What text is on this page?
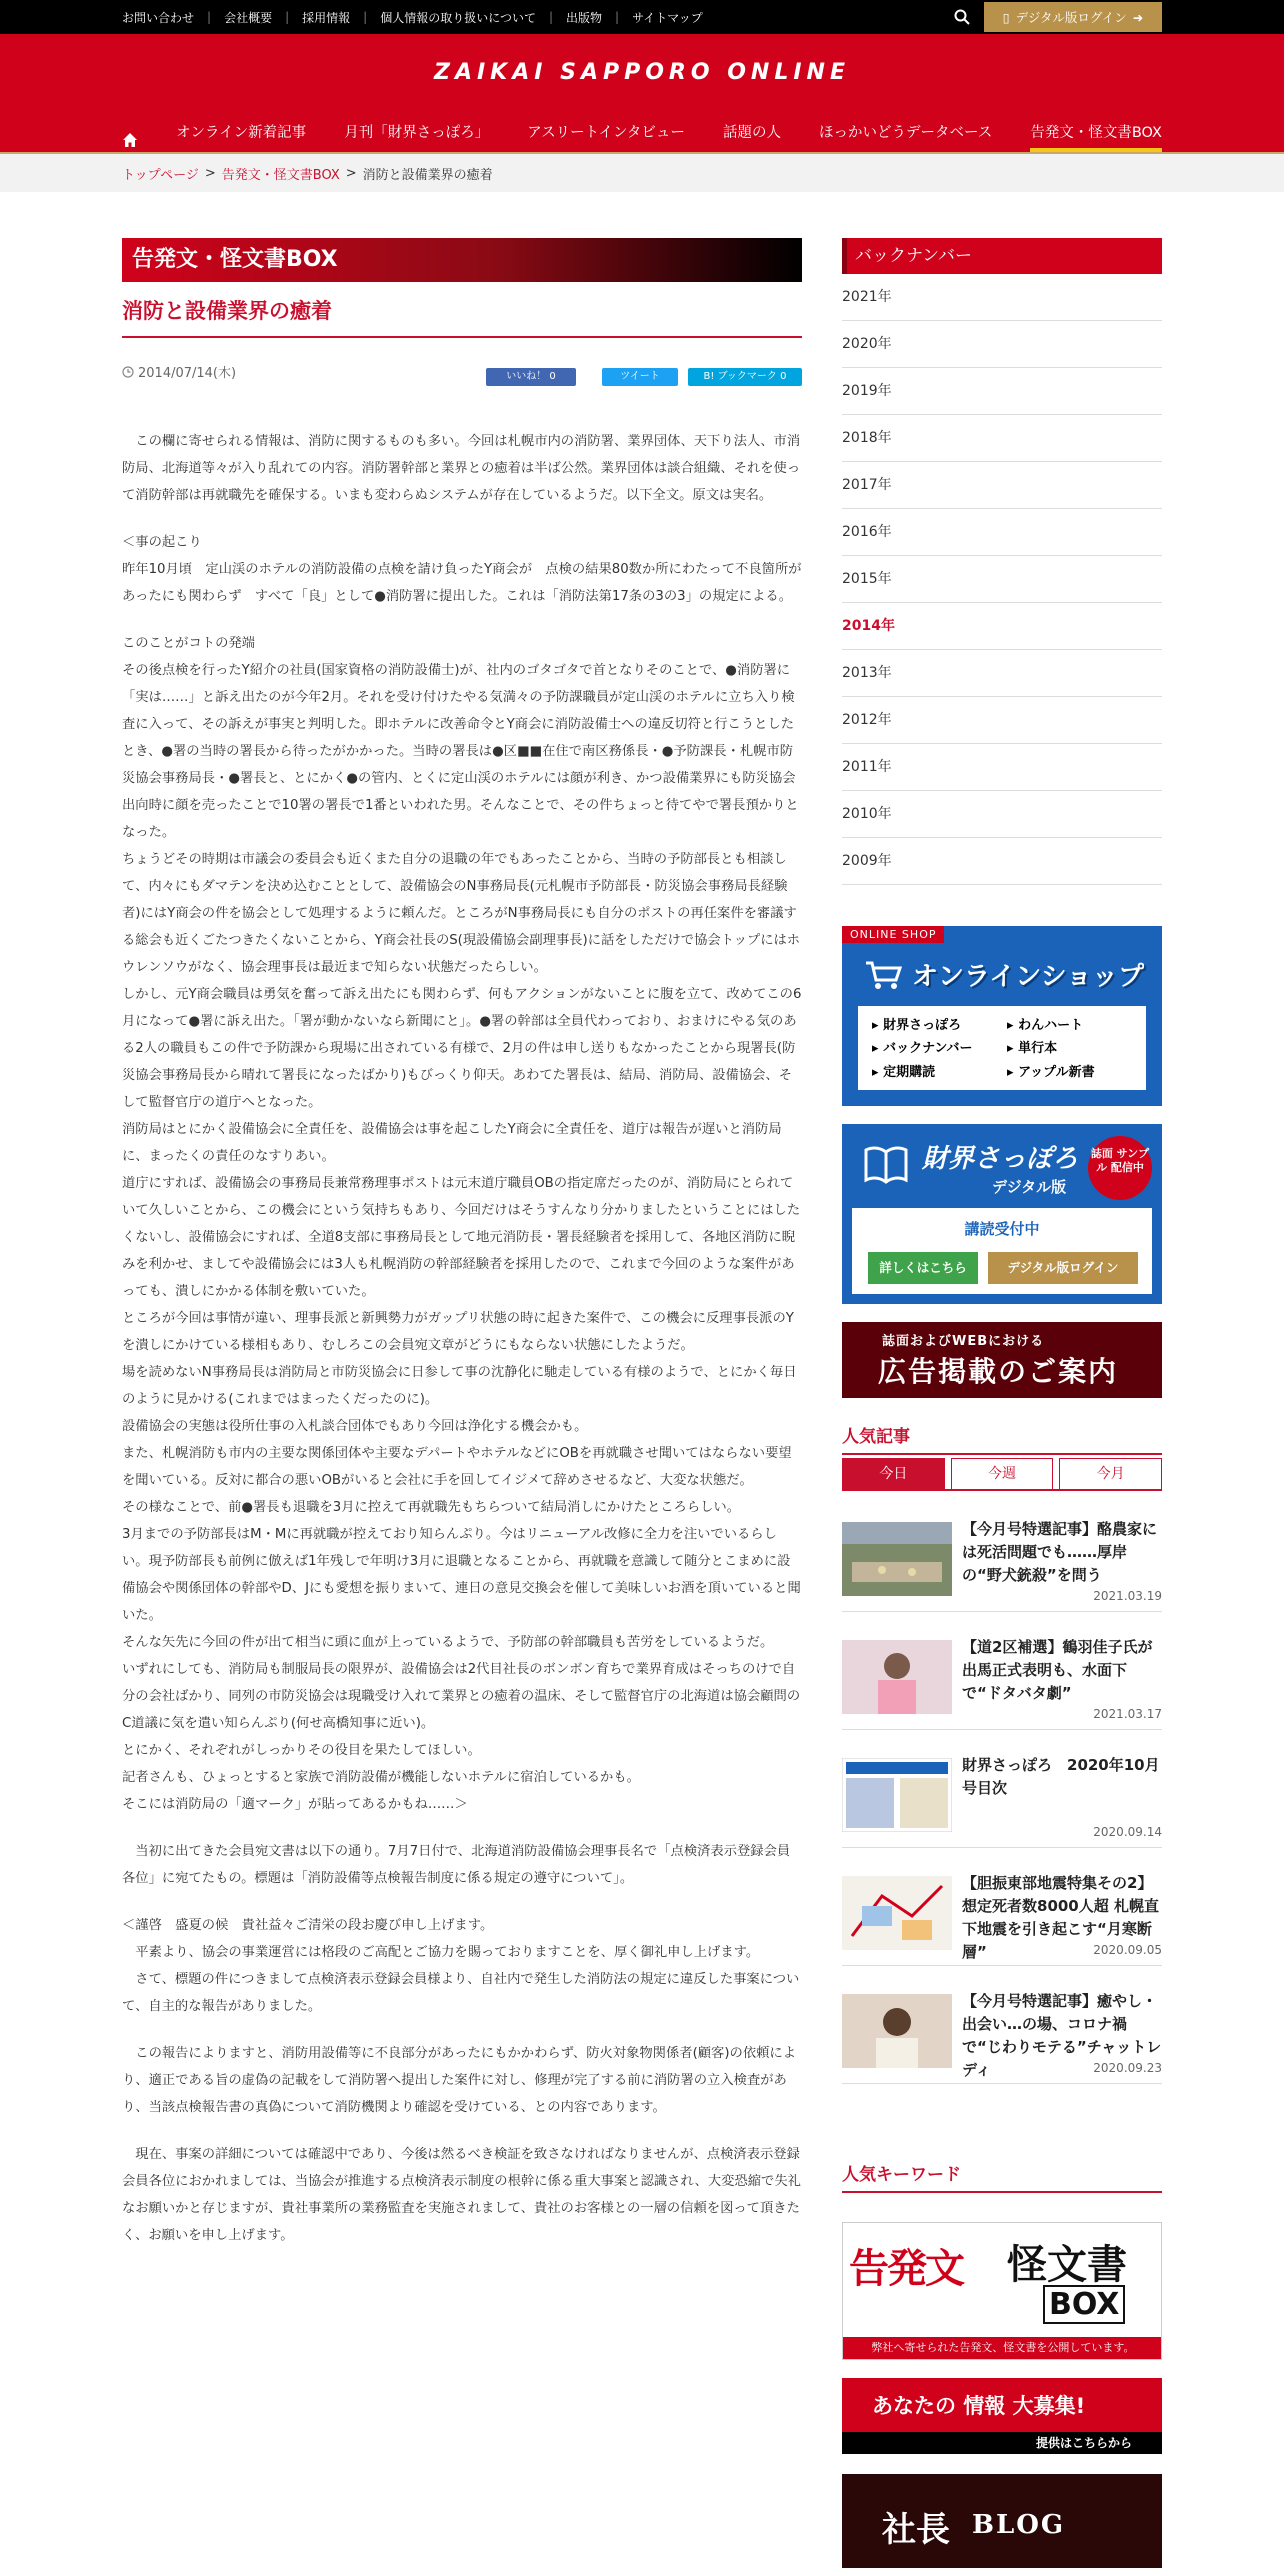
お問い合わせ | 会社概要 | 採用情報 | 個人情報の取り扱いについて | 出版物 | サイトマップ	▯ デジタル版ログイン ➜
ZAIKAI SAPPORO ONLINE
オンライン新着記事	月刊「財界さっぽろ」	アスリートインタビュー	話題の人	ほっかいどうデータベース	告発文・怪文書BOX
トップページ > 告発文・怪文書BOX > 消防と設備業界の癒着
告発文・怪文書BOX
消防と設備業界の癒着
2014/07/14(木)	いいね！ 0	ツイート	B! ブックマーク 0

　この欄に寄せられる情報は、消防に関するものも多い。今回は札幌市内の消防署、業界団体、天下り法人、市消防局、北海道等々が入り乱れての内容。消防署幹部と業界との癒着は半ば公然。業界団体は談合組織、それを使って消防幹部は再就職先を確保する。いまも変わらぬシステムが存在しているようだ。以下全文。原文は実名。

＜事の起こり

昨年10月頃　定山渓のホテルの消防設備の点検を請け負ったY商会が　点検の結果80数か所にわたって不良箇所があったにも関わらず　すべて「良」として●消防署に提出した。これは「消防法第17条の3の3」の規定による。

このことがコトの発端

その後点検を行ったY紹介の社員(国家資格の消防設備士)が、社内のゴタゴタで首となりそのことで、●消防署に「実は……」と訴え出たのが今年2月。それを受け付けたやる気満々の予防課職員が定山渓のホテルに立ち入り検査に入って、その訴えが事実と判明した。即ホテルに改善命令とY商会に消防設備士への違反切符と行こうとしたとき、●署の当時の署長から待ったがかかった。当時の署長は●区■■在住で南区務係長・●予防課長・札幌市防災協会事務局長・●署長と、とにかく●の管内、とくに定山渓のホテルには顔が利き、かつ設備業界にも防災協会出向時に顔を売ったことで10署の署長で1番といわれた男。そんなことで、その件ちょっと待てやで署長預かりとなった。

ちょうどその時期は市議会の委員会も近くまた自分の退職の年でもあったことから、当時の予防部長とも相談して、内々にもダマテンを決め込むこととして、設備協会のN事務局長(元札幌市予防部長・防災協会事務局長経験者)にはY商会の件を協会として処理するように頼んだ。ところがN事務局長にも自分のポストの再任案件を審議する総会も近くごたつきたくないことから、Y商会社長のS(現設備協会副理事長)に話をしただけで協会トップにはホウレンソウがなく、協会理事長は最近まで知らない状態だったらしい。

しかし、元Y商会職員は勇気を奮って訴え出たにも関わらず、何もアクションがないことに腹を立て、改めてこの6月になって●署に訴え出た。「署が動かないなら新聞にと」。●署の幹部は全員代わっており、おまけにやる気のある2人の職員もこの件で予防課から現場に出されている有様で、2月の件は申し送りもなかったことから現署長(防災協会事務局長から晴れて署長になったばかり)もびっくり仰天。あわてた署長は、結局、消防局、設備協会、そして監督官庁の道庁へとなった。

消防局はとにかく設備協会に全責任を、設備協会は事を起こしたY商会に全責任を、道庁は報告が遅いと消防局に、まったくの責任のなすりあい。

道庁にすれば、設備協会の事務局長兼常務理事ポストは元末道庁職員OBの指定席だったのが、消防局にとられていて久しいことから、この機会にという気持ちもあり、今回だけはそうすんなり分かりましたということにはしたくないし、設備協会にすれば、全道8支部に事務局長として地元消防長・署長経験者を採用して、各地区消防に睨みを利かせ、ましてや設備協会には3人も札幌消防の幹部経験者を採用したので、これまで今回のような案件があっても、潰しにかかる体制を敷いていた。

ところが今回は事情が違い、理事長派と新興勢力がガップリ状態の時に起きた案件で、この機会に反理事長派のYを潰しにかけている様相もあり、むしろこの会員宛文章がどうにもならない状態にしたようだ。

場を読めないN事務局長は消防局と市防災協会に日参して事の沈静化に馳走している有様のようで、とにかく毎日のように見かける(これまではまったくだったのに)。

設備協会の実態は役所仕事の入札談合団体でもあり今回は浄化する機会かも。

また、札幌消防も市内の主要な関係団体や主要なデパートやホテルなどにOBを再就職させ聞いてはならない要望を聞いている。反対に都合の悪いOBがいると会社に手を回してイジメて辞めさせるなど、大変な状態だ。

その様なことで、前●署長も退職を3月に控えて再就職先もちらついて結局消しにかけたところらしい。

3月までの予防部長はM・Mに再就職が控えており知らんぷり。今はリニューアル改修に全力を注いでいるらしい。現予防部長も前例に倣えば1年残しで年明け3月に退職となることから、再就職を意識して随分とこまめに設備協会や関係団体の幹部やD、Jにも愛想を振りまいて、連日の意見交換会を催して美味しいお酒を頂いていると聞いた。

そんな矢先に今回の件が出て相当に頭に血が上っているようで、予防部の幹部職員も苦労をしているようだ。

いずれにしても、消防局も制服局長の限界が、設備協会は2代目社長のボンボン育ちで業界育成はそっちのけで自分の会社ばかり、同列の市防災協会は現職受け入れて業界との癒着の温床、そして監督官庁の北海道は協会顧問のC道議に気を遣い知らんぷり(何せ高橋知事に近い)。

とにかく、それぞれがしっかりその役目を果たしてほしい。

記者さんも、ひょっとすると家族で消防設備が機能しないホテルに宿泊しているかも。

そこには消防局の「適マーク」が貼ってあるかもね……＞

　当初に出てきた会員宛文書は以下の通り。7月7日付で、北海道消防設備協会理事長名で「点検済表示登録会員各位」に宛てたもの。標題は「消防設備等点検報告制度に係る規定の遵守について」。

＜謹啓　盛夏の候　貴社益々ご清栄の段お慶び申し上げます。

　平素より、協会の事業運営には格段のご高配とご協力を賜っておりますことを、厚く御礼申し上げます。

　さて、標題の件につきまして点検済表示登録会員様より、自社内で発生した消防法の規定に違反した事案について、自主的な報告がありました。

　この報告によりますと、消防用設備等に不良部分があったにもかかわらず、防火対象物関係者(顧客)の依頼により、適正である旨の虚偽の記載をして消防署へ提出した案件に対し、修理が完了する前に消防署の立入検査があり、当該点検報告書の真偽について消防機関より確認を受けている、との内容であります。

　現在、事案の詳細については確認中であり、今後は然るべき検証を致さなければなりませんが、点検済表示登録会員各位におかれましては、当協会が推進する点検済表示制度の根幹に係る重大事案と認識され、大変恐縮で失礼なお願いかと存じますが、貴社事業所の業務監査を実施されまして、貴社のお客様との一層の信頼を図って頂きたく、お願いを申し上げます。

バックナンバー
2021年
2020年
2019年
2018年
2017年
2016年
2015年
2014年
2013年
2012年
2011年
2010年
2009年
ONLINE SHOP
オンラインショップ
▸ 財界さっぽろ	▸ わんハート
▸ バックナンバー	▸ 単行本
▸ 定期購読	▸ アップル新書
財界さっぽろ
デジタル版
誌面 サンプル 配信中
講読受付中
詳しくはこちら	デジタル版ログイン
誌面およびWEBにおける
広告掲載のご案内
人気記事
今日	今週	今月
【今月号特選記事】酪農家には死活問題でも……厚岸の“野犬銃殺”を問う
2021.03.19
【道2区補選】鶴羽佳子氏が出馬正式表明も、水面下で“ドタバタ劇”
2021.03.17
財界さっぽろ　2020年10月号目次
2020.09.14
【胆振東部地震特集その2】想定死者数8000人超 札幌直下地震を引き起こす“月寒断層”	2020.09.05
【今月号特選記事】癒やし・出会い…の場、コロナ禍で“じわりモテる”チャットレディ	2020.09.23
人気キーワード
告発文 怪文書
BOX
弊社へ寄せられた告発文、怪文書を公開しています。
あなたの 情報 大募集!
提供はこちらから
社長 BLOG
